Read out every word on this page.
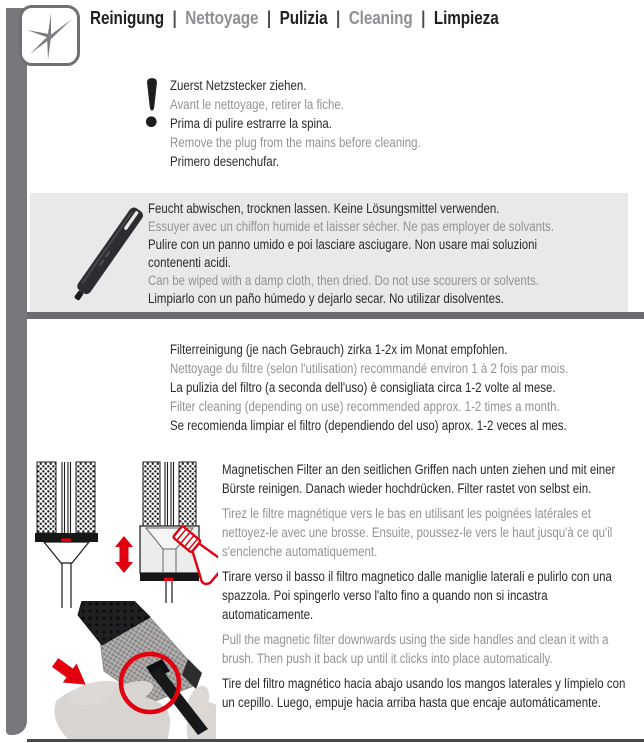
Reinigung | Nettoyage | Pulizia | Cleaning | Limpieza
Zuerst Netzstecker ziehen.
Avant le nettoyage, retirer la fiche.
Prima di pulire estrarre la spina.
Remove the plug from the mains before cleaning.
Primero desenchufar.
Feucht abwischen, trocknen lassen. Keine Lösungsmittel verwenden.
Essuyer avec un chiffon humide et laisser sécher. Ne pas employer de solvants.
Pulire con un panno umido e poi lasciare asciugare. Non usare mai soluzioni
contenenti acidi.
Can be wiped with a damp cloth, then dried. Do not use scourers or solvents.
Limpiarlo con un paño húmedo y dejarlo secar. No utilizar disolventes.
Filterreinigung (je nach Gebrauch) zirka 1-2x im Monat empfohlen.
Nettoyage du filtre (selon l'utilisation) recommandé environ 1 à 2 fois par mois.
La pulizia del filtro (a seconda dell'uso) è consigliata circa 1-2 volte al mese.
Filter cleaning (depending on use) recommended approx. 1-2 times a month.
Se recomienda limpiar el filtro (dependiendo del uso) aprox. 1-2 veces al mes.
Magnetischen Filter an den seitlichen Griffen nach unten ziehen und mit einer Bürste reinigen. Danach wieder hochdrücken. Filter rastet von selbst ein.
Tirez le filtre magnétique vers le bas en utilisant les poignées latérales et nettoyez-le avec une brosse. Ensuite, poussez-le vers le haut jusqu'à ce qu'il s'enclenche automatiquement.
Tirare verso il basso il filtro magnetico dalle maniglie laterali e pulirlo con una spazzola. Poi spingerlo verso l'alto fino a quando non si incastra automaticamente.
Pull the magnetic filter downwards using the side handles and clean it with a brush. Then push it back up until it clicks into place automatically.
Tire del filtro magnético hacia abajo usando los mangos laterales y límpielo con un cepillo. Luego, empuje hacia arriba hasta que encaje automáticamente.
